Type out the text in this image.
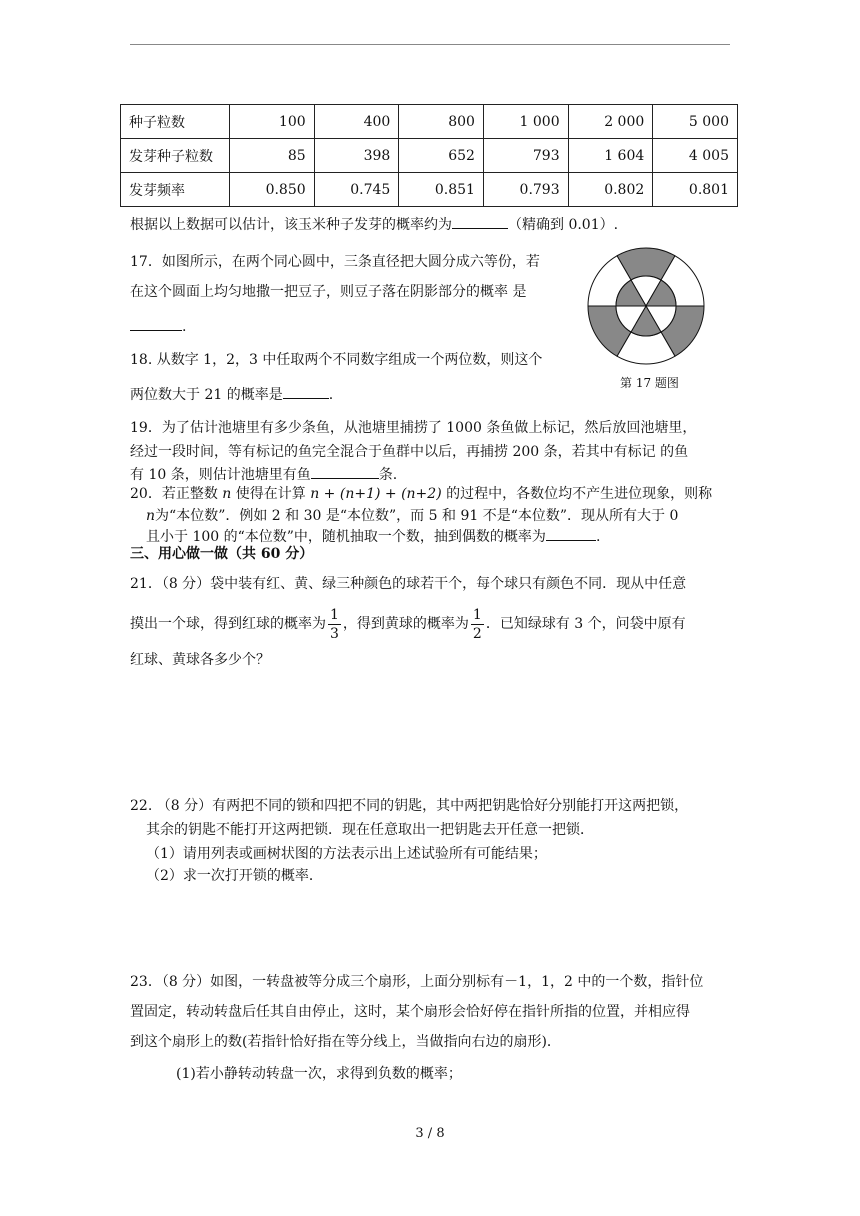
种子粒数	100	400	800	1 000	2 000	5 000
发芽种子粒数	85	398	652	793	1 604	4 005
发芽频率	0.850	0.745	0.851	0.793	0.802	0.801
根据以上数据可以估计，该玉米种子发芽的概率约为	（精确到 0.01）.
17．如图所示，在两个同心圆中，三条直径把大圆分成六等份，若
在这个圆面上均匀地撒一把豆子，则豆子落在阴影部分的概率 是
.
第 17 题图
18. 从数字 1，2，3 中任取两个不同数字组成一个两位数，则这个
两位数大于 21 的概率是	.
19．为了估计池塘里有多少条鱼，从池塘里捕捞了 1000 条鱼做上标记，然后放回池塘里，
经过一段时间，等有标记的鱼完全混合于鱼群中以后，再捕捞 200 条，若其中有标记 的鱼
有 10 条，则估计池塘里有鱼	条.
20．若正整数 n 使得在计算 n + (n+1) + (n+2) 的过程中，各数位均不产生进位现象，则称
n为“本位数”．例如 2 和 30 是“本位数”，而 5 和 91 不是“本位数”．现从所有大于 0
且小于 100 的“本位数”中，随机抽取一个数，抽到偶数的概率为	.
三、用心做一做（共 60 分）
21．（8 分）袋中装有红、黄、绿三种颜色的球若干个，每个球只有颜色不同．现从中任意
摸出一个球，得到红球的概率为 $\frac{1}{3}$ ，得到黄球的概率为 $\frac{1}{2}$ ．已知绿球有 3 个，问袋中原有
红球、黄球各多少个？
22. （8 分）有两把不同的锁和四把不同的钥匙，其中两把钥匙恰好分别能打开这两把锁，
其余的钥匙不能打开这两把锁．现在任意取出一把钥匙去开任意一把锁．
（1）请用列表或画树状图的方法表示出上述试验所有可能结果；
（2）求一次打开锁的概率．
23．（8 分）如图，一转盘被等分成三个扇形，上面分别标有－1，1，2 中的一个数，指针位
置固定，转动转盘后任其自由停止，这时，某个扇形会恰好停在指针所指的位置，并相应得
到这个扇形上的数(若指针恰好指在等分线上，当做指向右边的扇形)．
(1)若小静转动转盘一次，求得到负数的概率；
3 / 8
